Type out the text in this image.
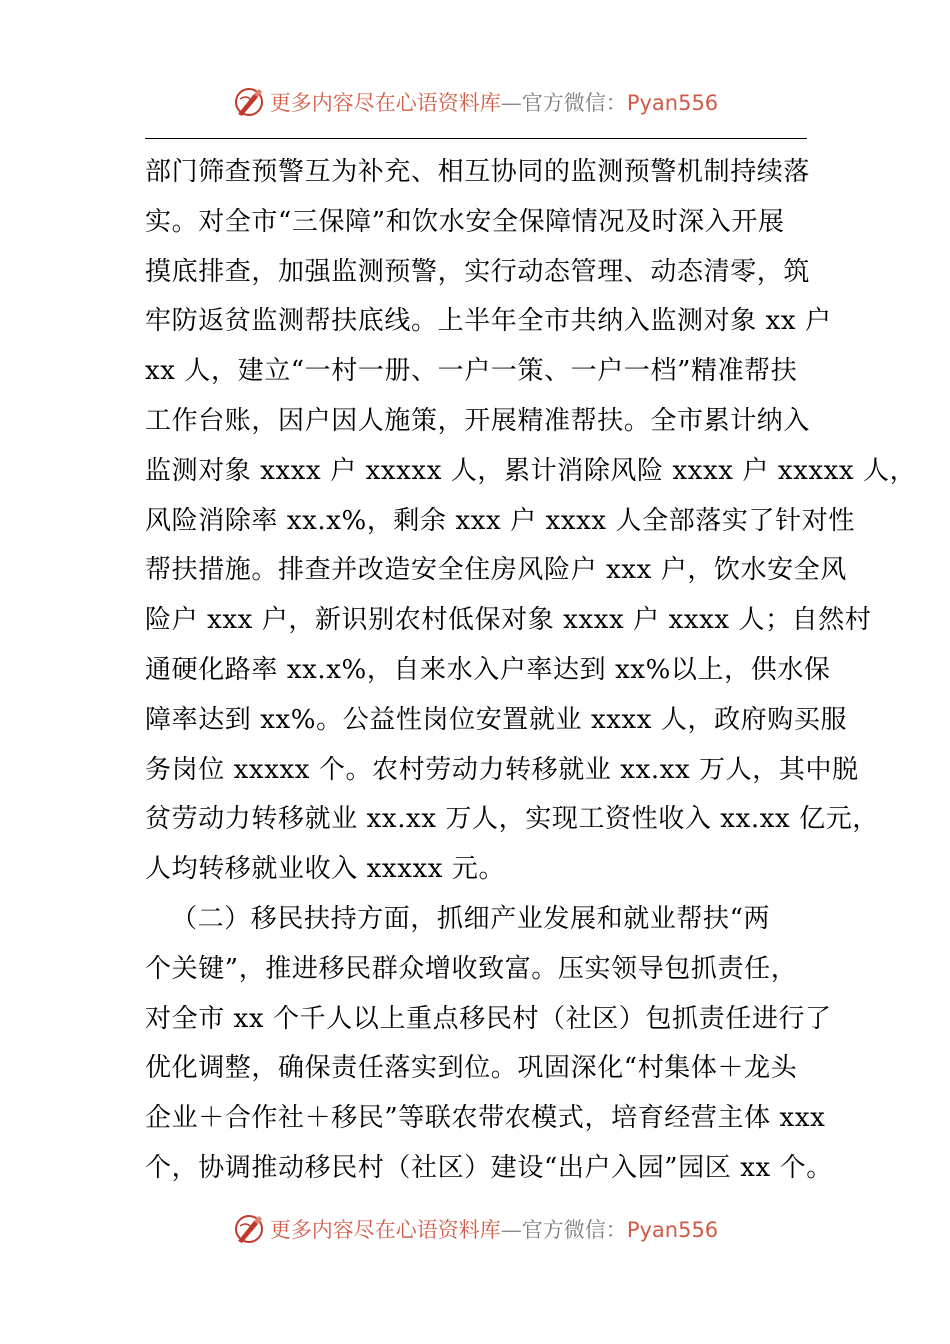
更多内容尽在心语资料库—官方微信：Pyan556
部门筛查预警互为补充、相互协同的监测预警机制持续落
实。对全市“三保障”和饮水安全保障情况及时深入开展
摸底排查，加强监测预警，实行动态管理、动态清零，筑
牢防返贫监测帮扶底线。上半年全市共纳入监测对象 xx 户
xx 人，建立“一村一册、一户一策、一户一档”精准帮扶
工作台账，因户因人施策，开展精准帮扶。全市累计纳入
监测对象 xxxx 户 xxxxx 人，累计消除风险 xxxx 户 xxxxx 人，
风险消除率 xx.x%，剩余 xxx 户 xxxx 人全部落实了针对性
帮扶措施。排查并改造安全住房风险户 xxx 户，饮水安全风
险户 xxx 户，新识别农村低保对象 xxxx 户 xxxx 人；自然村
通硬化路率 xx.x%，自来水入户率达到 xx%以上，供水保
障率达到 xx%。公益性岗位安置就业 xxxx 人，政府购买服
务岗位 xxxxx 个。农村劳动力转移就业 xx.xx 万人，其中脱
贫劳动力转移就业 xx.xx 万人，实现工资性收入 xx.xx 亿元，
人均转移就业收入 xxxxx 元。
（二）移民扶持方面，抓细产业发展和就业帮扶“两
个关键”，推进移民群众增收致富。压实领导包抓责任，
对全市 xx 个千人以上重点移民村（社区）包抓责任进行了
优化调整，确保责任落实到位。巩固深化“村集体＋龙头
企业＋合作社＋移民”等联农带农模式，培育经营主体 xxx
个，协调推动移民村（社区）建设“出户入园”园区 xx 个。
更多内容尽在心语资料库—官方微信：Pyan556
